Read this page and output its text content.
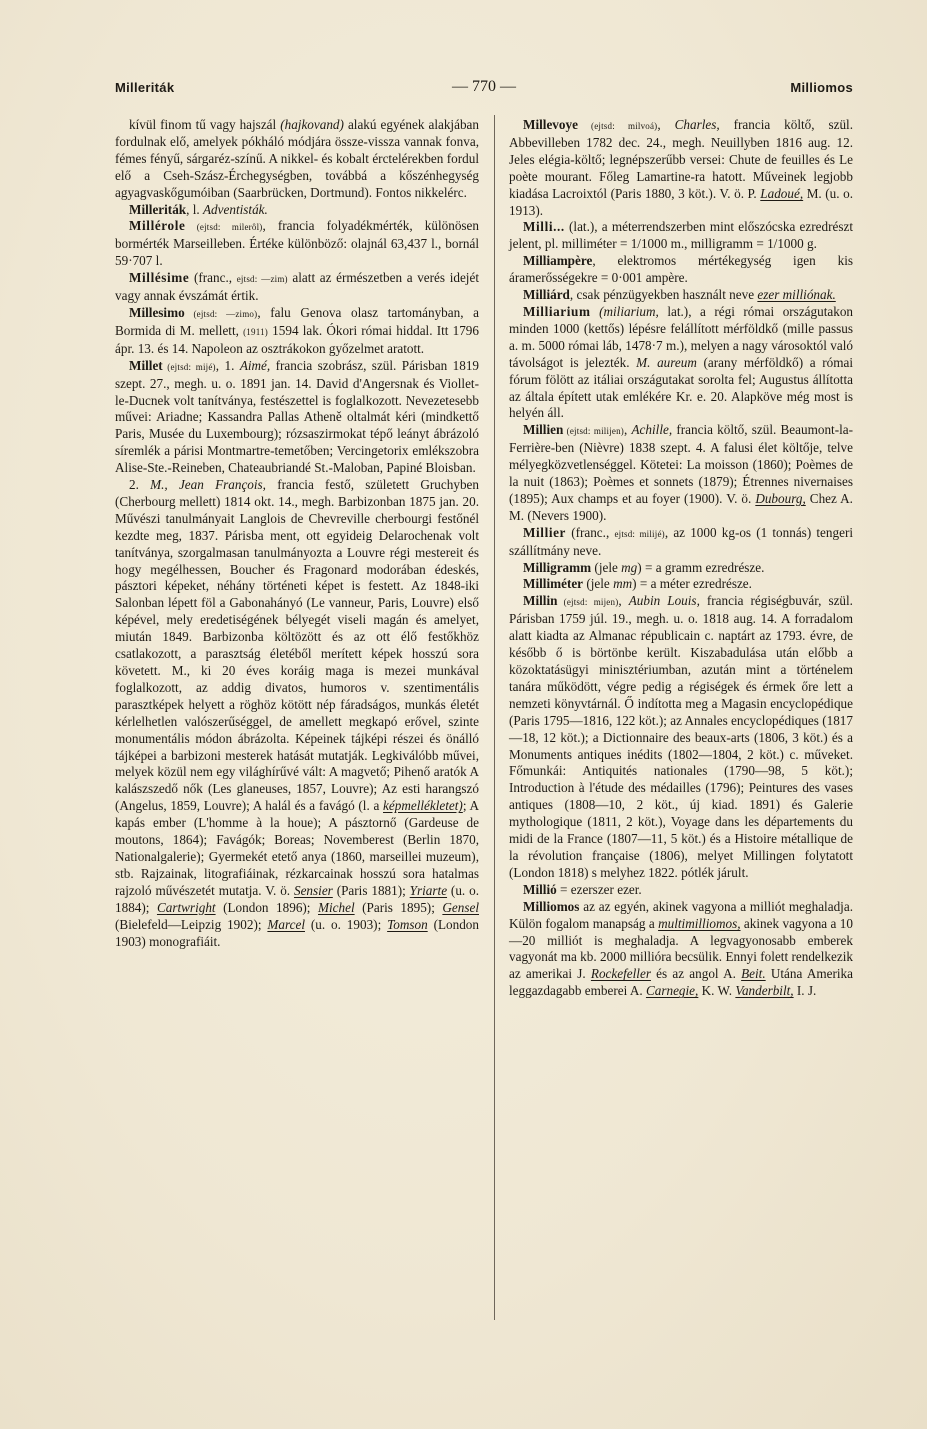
Milleriták	— 770 —	Milliomos

kívül finom tű vagy hajszál (hajkovand) alakú egyének alakjában fordulnak elő, amelyek pókháló módjára össze-vissza vannak fonva, fémes fényű, sárgaréz-színű. A nikkel- és kobalt érctelérekben fordul elő a Cseh-Szász-Érchegységben, továbbá a kőszénhegység agyagvaskőgumóiban (Saarbrücken, Dortmund). Fontos nikkelérc.

Milleriták, l. Adventisták.

Millérole (ejtsd: milerôl), francia folyadékmérték, különösen bormérték Marseilleben. Értéke különböző: olajnál 63,437 l., bornál 59·707 l.

Millésime (franc., ejtsd: —zim) alatt az érmészetben a verés idejét vagy annak évszámát értik.

Millesimo (ejtsd: —zimo), falu Genova olasz tartományban, a Bormida di M. mellett, (1911) 1594 lak. Ókori római hiddal. Itt 1796 ápr. 13. és 14. Napoleon az osztrákokon győzelmet aratott.

Millet (ejtsd: mijé), 1. Aimé, francia szobrász, szül. Párisban 1819 szept. 27., megh. u. o. 1891 jan. 14. David d'Angersnak és Viollet-le-Ducnek volt tanítványa, festészettel is foglalkozott. Nevezetesebb művei: Ariadne; Kassandra Pallas Atheně oltalmát kéri (mindkettő Paris, Musée du Luxembourg); rózsaszirmokat tépő leányt ábrázoló síremlék a párisi Montmartre-temetőben; Vercingetorix emlékszobra Alise-Ste.-Reineben, Chateaubriandé St.-Maloban, Papiné Bloisban.

2. M., Jean François, francia festő, született Gruchyben (Cherbourg mellett) 1814 okt. 14., megh. Barbizonban 1875 jan. 20. Művészi tanulmányait Langlois de Chevreville cherbourgi festőnél kezdte meg, 1837. Párisba ment, ott egyideig Delarochenak volt tanítványa, szorgalmasan tanulmányozta a Louvre régi mestereit és hogy megélhessen, Boucher és Fragonard modorában édeskés, pásztori képeket, néhány történeti képet is festett. Az 1848-iki Salonban lépett föl a Gabonahányó (Le vanneur, Paris, Louvre) első képével, mely eredetiségének bélyegét viseli magán és amelyet, miután 1849. Barbizonba költözött és az ott élő festőkhöz csatlakozott, a parasztság életéből merített képek hosszú sora követett. M., ki 20 éves koráig maga is mezei munkával foglalkozott, az addig divatos, humoros v. szentimentális parasztképek helyett a röghöz kötött nép fáradságos, munkás életét kérlelhetlen valószerűséggel, de amellett megkapó erővel, szinte monumentális módon ábrázolta. Képeinek tájképi részei és önálló tájképei a barbizoni mesterek hatását mutatják. Legkiválóbb művei, melyek közül nem egy világhírűvé vált: A magvető; Pihenő aratók A kalászszedő nők (Les glaneuses, 1857, Louvre); Az esti harangszó (Angelus, 1859, Louvre); A halál és a favágó (l. a képmellékletet); A kapás ember (L'homme à la houe); A pásztornő (Gardeuse de moutons, 1864); Favágók; Boreas; Novemberest (Berlin 1870, Nationalgalerie); Gyermekét etető anya (1860, marseillei muzeum), stb. Rajzainak, litografiáinak, rézkarcainak hosszú sora hatalmas rajzoló művészetét mutatja. V. ö. Sensier (Paris 1881); Yriarte (u. o. 1884); Cartwright (London 1896); Michel (Paris 1895); Gensel (Bielefeld—Leipzig 1902); Marcel (u. o. 1903); Tomson (London 1903) monografiáit.

Millevoye (ejtsd: milvoá), Charles, francia költő, szül. Abbevilleben 1782 dec. 24., megh. Neuillyben 1816 aug. 12. Jeles elégia-költő; legnépszerűbb versei: Chute de feuilles és Le poète mourant. Főleg Lamartine-ra hatott. Műveinek legjobb kiadása Lacroixtól (Paris 1880, 3 köt.). V. ö. P. Ladoué, M. (u. o. 1913).

Milli... (lat.), a méterrendszerben mint előszócska ezredrészt jelent, pl. milliméter = 1/1000 m., milligramm = 1/1000 g.

Milliampère, elektromos mértékegység igen kis áramerősségekre = 0·001 ampère.

Milliárd, csak pénzügyekben használt neve ezer milliónak.

Milliarium (miliarium, lat.), a régi római országutakon minden 1000 (kettős) lépésre felállított mérföldkő (mille passus a. m. 5000 római láb, 1478·7 m.), melyen a nagy városoktól való távolságot is jelezték. M. aureum (arany mérföldkő) a római fórum fölött az itáliai országutakat sorolta fel; Augustus állította az általa épített utak emlékére Kr. e. 20. Alapköve még most is helyén áll.

Millien (ejtsd: milijen), Achille, francia költő, szül. Beaumont-la-Ferrière-ben (Nièvre) 1838 szept. 4. A falusi élet költője, telve mélyegközvetlenséggel. Kötetei: La moisson (1860); Poèmes de la nuit (1863); Poèmes et sonnets (1879); Étrennes nivernaises (1895); Aux champs et au foyer (1900). V. ö. Dubourg, Chez A. M. (Nevers 1900).

Millier (franc., ejtsd: milijé), az 1000 kg-os (1 tonnás) tengeri szállítmány neve.

Milligramm (jele mg) = a gramm ezredrésze.

Milliméter (jele mm) = a méter ezredrésze.

Millin (ejtsd: mijen), Aubin Louis, francia régiségbuvár, szül. Párisban 1759 júl. 19., megh. u. o. 1818 aug. 14. A forradalom alatt kiadta az Almanac républicain c. naptárt az 1793. évre, de később ő is börtönbe került. Kiszabadulása után előbb a közoktatásügyi minisztériumban, azután mint a történelem tanára működött, végre pedig a régiségek és érmek őre lett a nemzeti könyvtárnál. Ő indította meg a Magasin encyclopédique (Paris 1795—1816, 122 köt.); az Annales encyclopédiques (1817—18, 12 köt.); a Dictionnaire des beaux-arts (1806, 3 köt.) és a Monuments antiques inédits (1802—1804, 2 köt.) c. műveket. Főmunkái: Antiquités nationales (1790—98, 5 köt.); Introduction à l'étude des médailles (1796); Peintures des vases antiques (1808—10, 2 köt., új kiad. 1891) és Galerie mythologique (1811, 2 köt.), Voyage dans les départements du midi de la France (1807—11, 5 köt.) és a Histoire métallique de la révolution française (1806), melyet Millingen folytatott (London 1818) s melyhez 1822. pótlék járult.

Millió = ezerszer ezer.

Milliomos az az egyén, akinek vagyona a milliót meghaladja. Külön fogalom manapság a multimilliomos, akinek vagyona a 10—20 milliót is meghaladja. A legvagyonosabb emberek vagyonát ma kb. 2000 millióra becsülik. Ennyi folett rendelkezik az amerikai J. Rockefeller és az angol A. Beit. Utána Amerika leggazdagabb emberei A. Carnegie, K. W. Vanderbilt, I. J.
